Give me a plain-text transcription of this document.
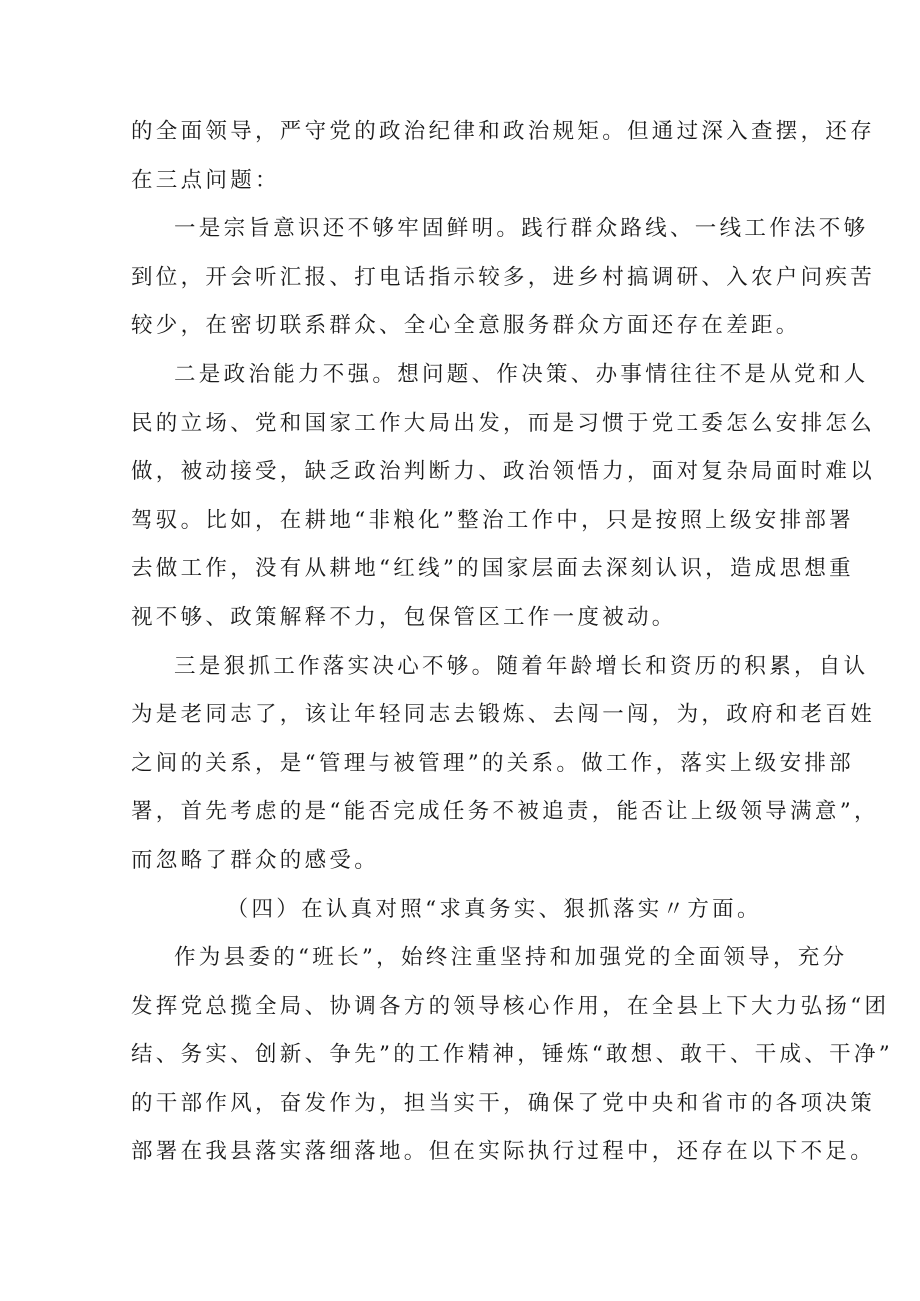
的全面领导，严守党的政治纪律和政治规矩。但通过深入查摆，还存
在三点问题：

一是宗旨意识还不够牢固鲜明。践行群众路线、一线工作法不够
到位，开会听汇报、打电话指示较多，进乡村搞调研、入农户问疾苦
较少，在密切联系群众、全心全意服务群众方面还存在差距。

二是政治能力不强。想问题、作决策、办事情往往不是从党和人
民的立场、党和国家工作大局出发，而是习惯于党工委怎么安排怎么
做，被动接受，缺乏政治判断力、政治领悟力，面对复杂局面时难以
驾驭。比如，在耕地“非粮化”整治工作中，只是按照上级安排部署
去做工作，没有从耕地“红线”的国家层面去深刻认识，造成思想重
视不够、政策解释不力，包保管区工作一度被动。

三是狠抓工作落实决心不够。随着年龄增长和资历的积累，自认
为是老同志了，该让年轻同志去锻炼、去闯一闯，为，政府和老百姓
之间的关系，是“管理与被管理”的关系。做工作，落实上级安排部
署，首先考虑的是“能否完成任务不被追责，能否让上级领导满意”，
而忽略了群众的感受。

（四）在认真对照“求真务实、狠抓落实〃方面。

作为县委的“班长”，始终注重坚持和加强党的全面领导，充分
发挥党总揽全局、协调各方的领导核心作用，在全县上下大力弘扬“团
结、务实、创新、争先”的工作精神，锤炼“敢想、敢干、干成、干净”
的干部作风，奋发作为，担当实干，确保了党中央和省市的各项决策
部署在我县落实落细落地。但在实际执行过程中，还存在以下不足。
